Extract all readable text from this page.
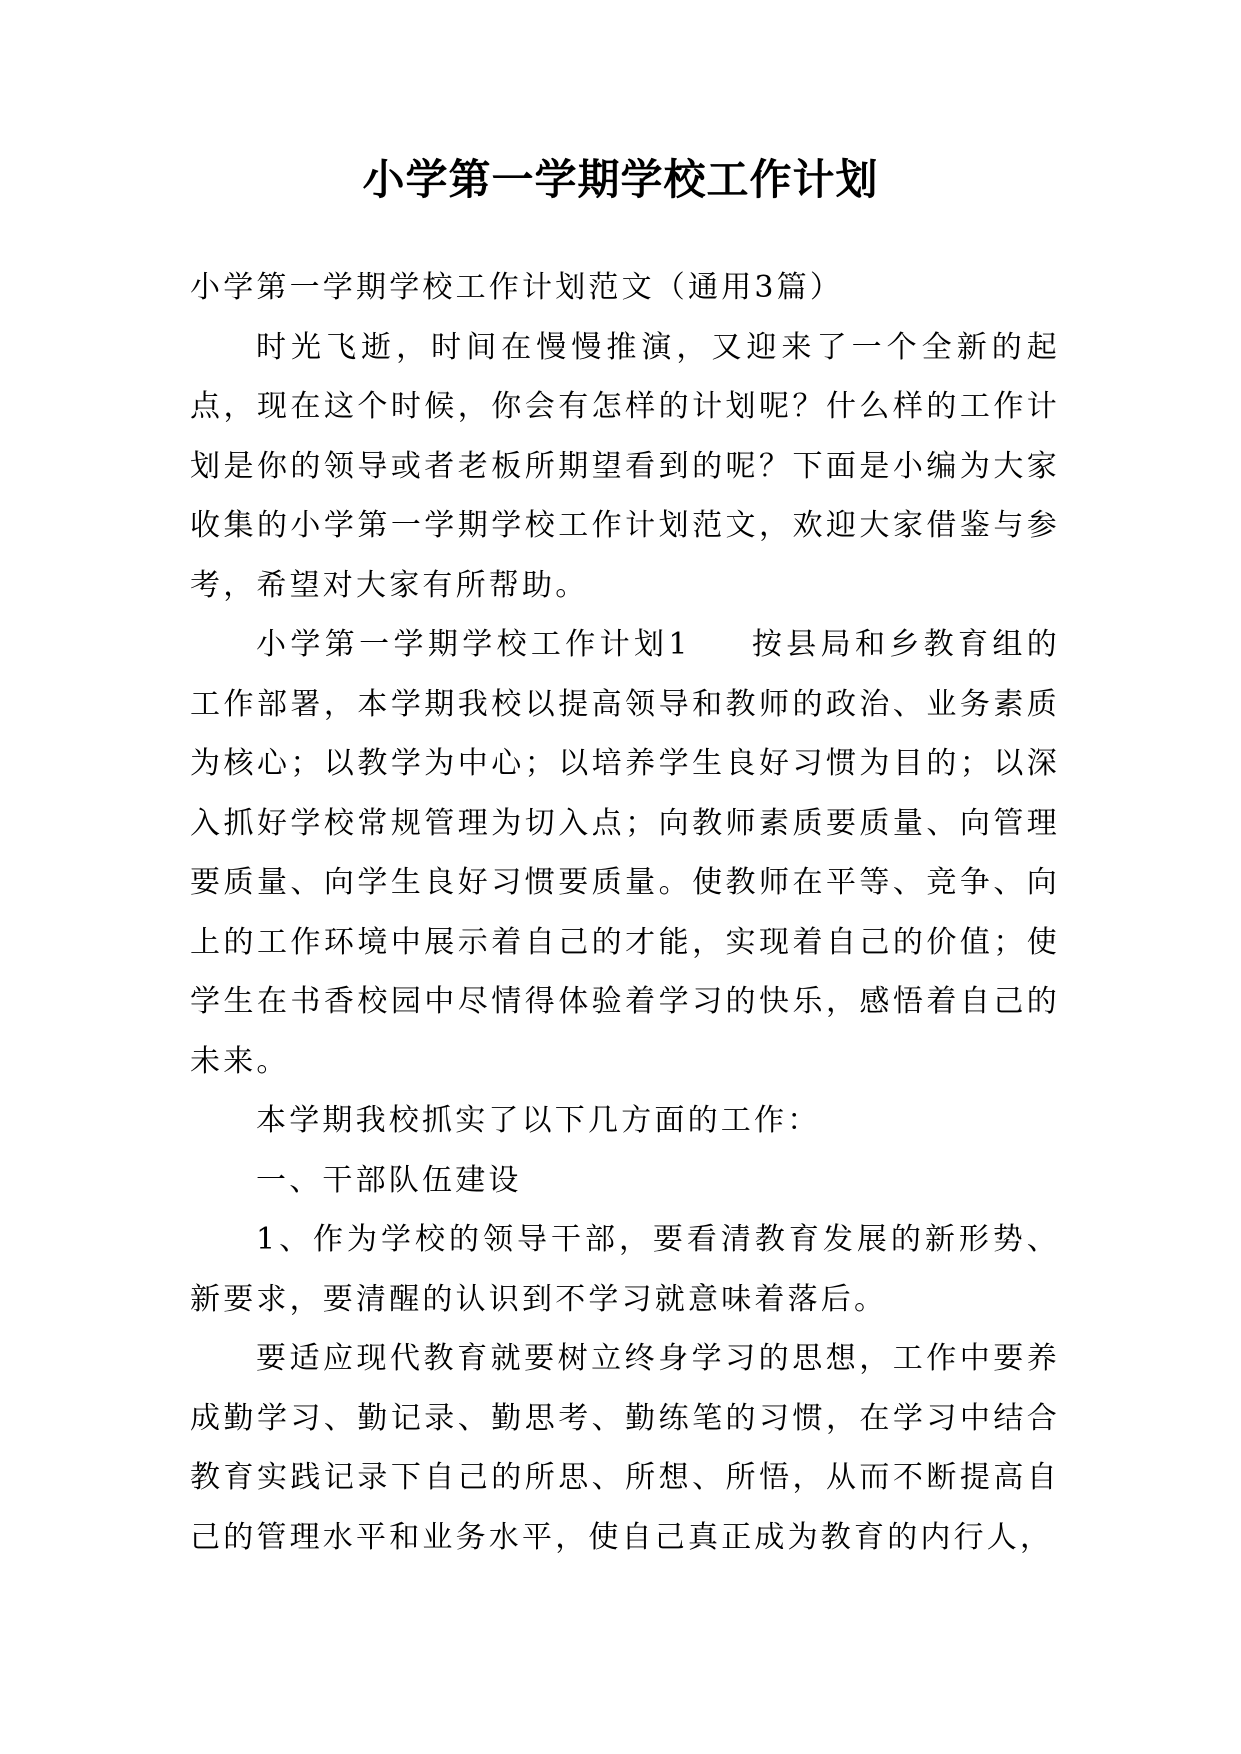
小学第一学期学校工作计划

小学第一学期学校工作计划范文（通用3篇）

时光飞逝，时间在慢慢推演，又迎来了一个全新的起点，现在这个时候，你会有怎样的计划呢？什么样的工作计划是你的领导或者老板所期望看到的呢？下面是小编为大家收集的小学第一学期学校工作计划范文，欢迎大家借鉴与参考，希望对大家有所帮助。

小学第一学期学校工作计划1 按县局和乡教育组的工作部署，本学期我校以提高领导和教师的政治、业务素质为核心；以教学为中心；以培养学生良好习惯为目的；以深入抓好学校常规管理为切入点；向教师素质要质量、向管理要质量、向学生良好习惯要质量。使教师在平等、竞争、向上的工作环境中展示着自己的才能，实现着自己的价值；使学生在书香校园中尽情得体验着学习的快乐，感悟着自己的未来。

本学期我校抓实了以下几方面的工作：

一、干部队伍建设

1、作为学校的领导干部，要看清教育发展的新形势、新要求，要清醒的认识到不学习就意味着落后。

要适应现代教育就要树立终身学习的思想，工作中要养成勤学习、勤记录、勤思考、勤练笔的习惯，在学习中结合教育实践记录下自己的所思、所想、所悟，从而不断提高自己的管理水平和业务水平，使自己真正成为教育的内行人，
